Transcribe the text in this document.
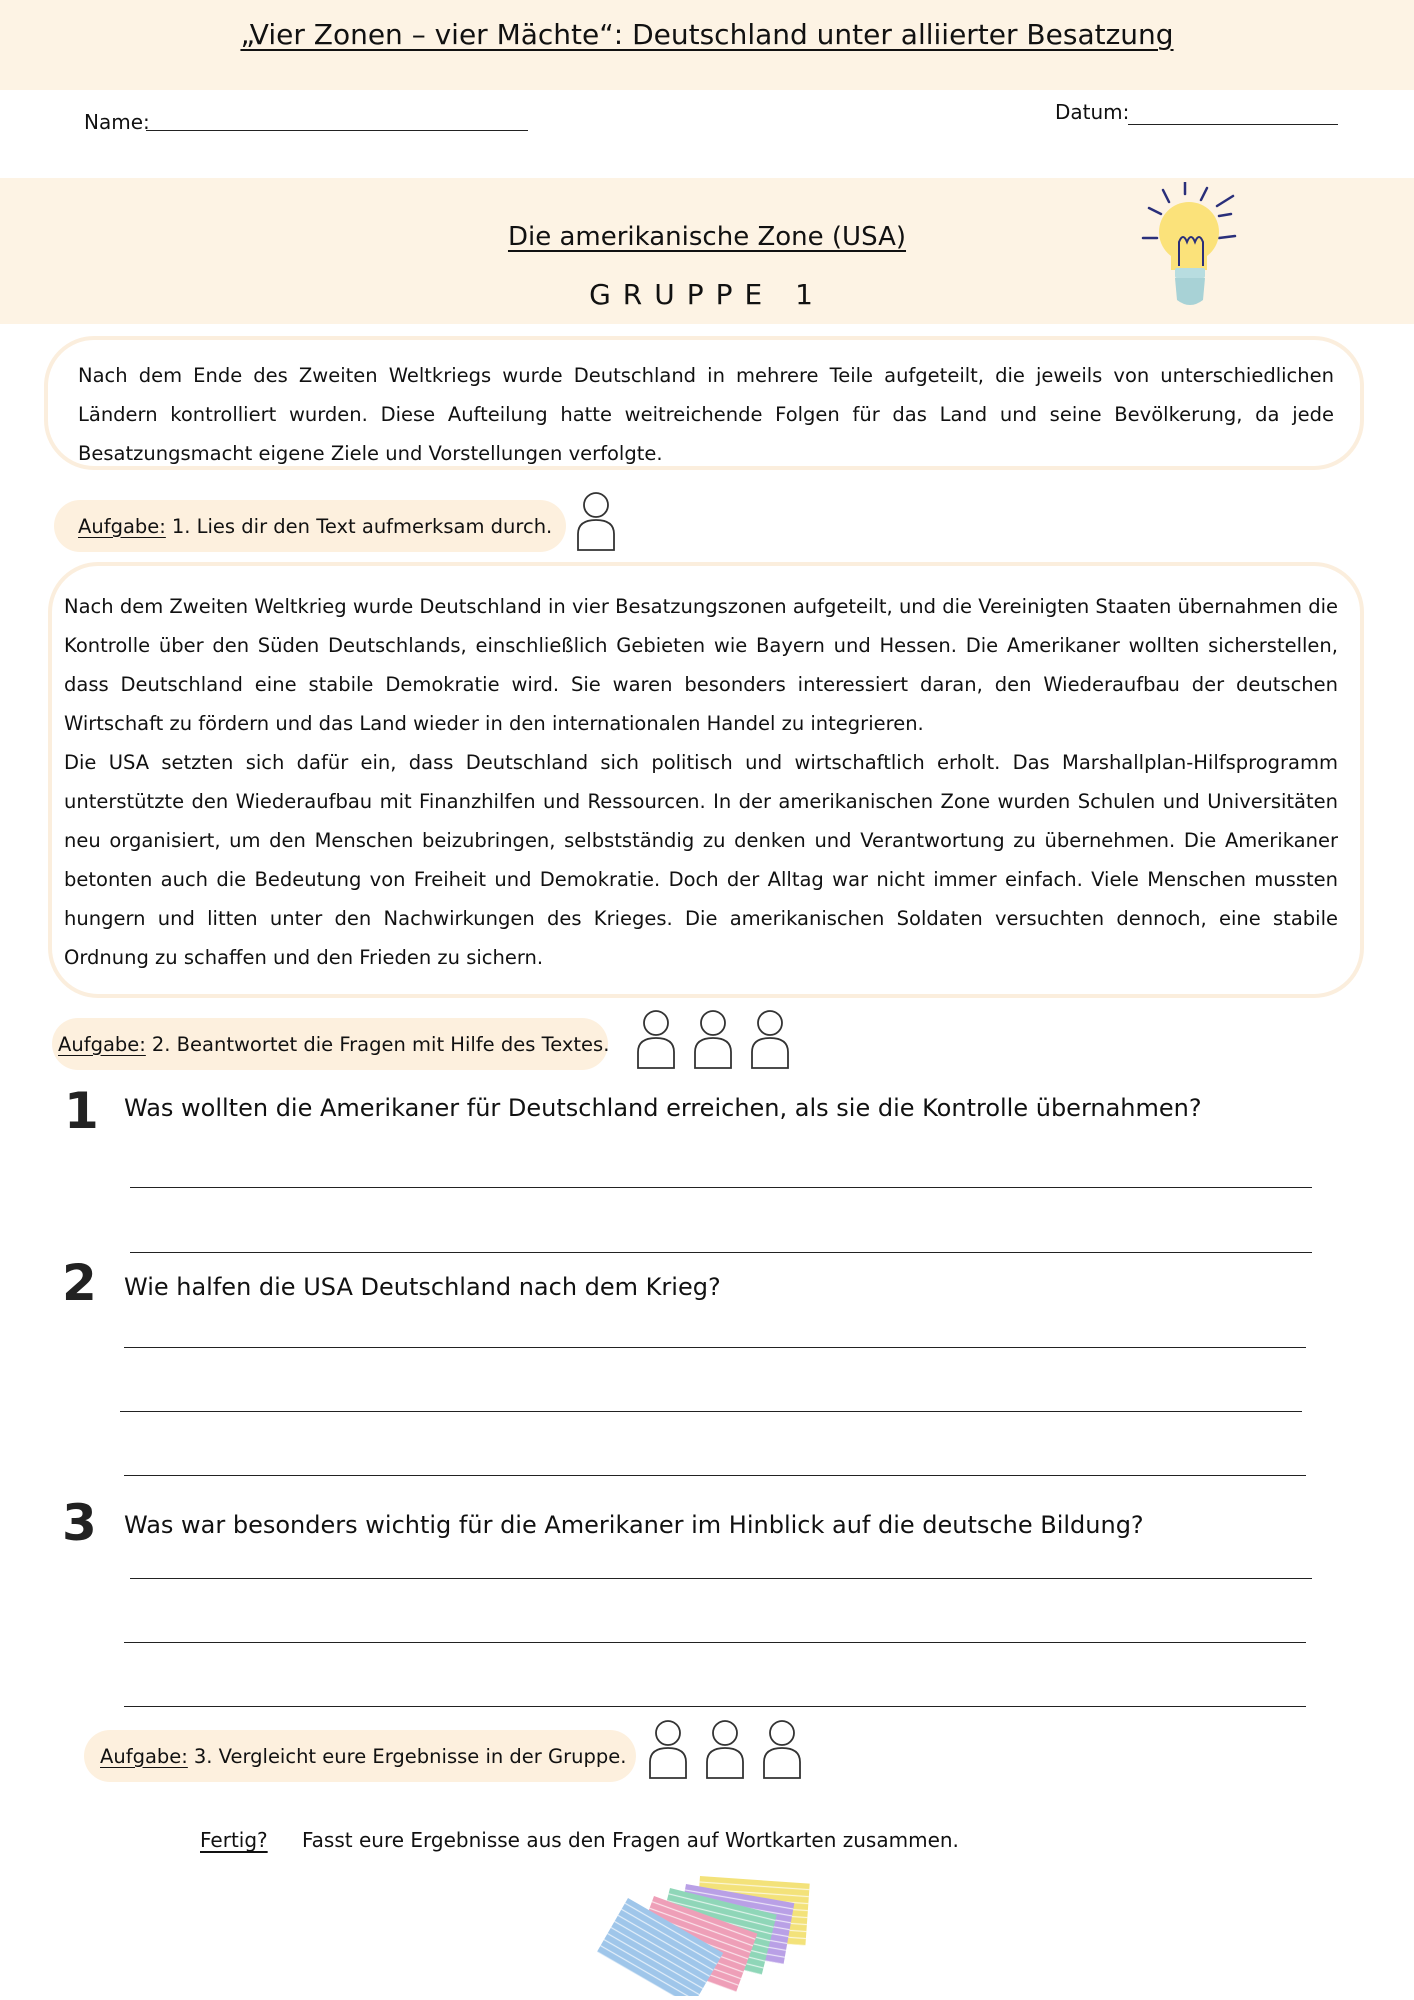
„Vier Zonen – vier Mächte“: Deutschland unter alliierter Besatzung
Name:	Datum:
Die amerikanische Zone (USA)
GRUPPE 1
Nach dem Ende des Zweiten Weltkriegs wurde Deutschland in mehrere Teile aufgeteilt, die jeweils von unterschiedlichen Ländern kontrolliert wurden. Diese Aufteilung hatte weitreichende Folgen für das Land und seine Bevölkerung, da jede Besatzungsmacht eigene Ziele und Vorstellungen verfolgte.
Aufgabe: 1. Lies dir den Text aufmerksam durch.
Nach dem Zweiten Weltkrieg wurde Deutschland in vier Besatzungszonen aufgeteilt, und die Vereinigten Staaten übernahmen die Kontrolle über den Süden Deutschlands, einschließlich Gebieten wie Bayern und Hessen. Die Amerikaner wollten sicherstellen, dass Deutschland eine stabile Demokratie wird. Sie waren besonders interessiert daran, den Wiederaufbau der deutschen Wirtschaft zu fördern und das Land wieder in den internationalen Handel zu integrieren.
Die USA setzten sich dafür ein, dass Deutschland sich politisch und wirtschaftlich erholt. Das Marshallplan-Hilfsprogramm unterstützte den Wiederaufbau mit Finanzhilfen und Ressourcen. In der amerikanischen Zone wurden Schulen und Universitäten neu organisiert, um den Menschen beizubringen, selbstständig zu denken und Verantwortung zu übernehmen. Die Amerikaner betonten auch die Bedeutung von Freiheit und Demokratie. Doch der Alltag war nicht immer einfach. Viele Menschen mussten hungern und litten unter den Nachwirkungen des Krieges. Die amerikanischen Soldaten versuchten dennoch, eine stabile Ordnung zu schaffen und den Frieden zu sichern.
Aufgabe: 2. Beantwortet die Fragen mit Hilfe des Textes.
1 Was wollten die Amerikaner für Deutschland erreichen, als sie die Kontrolle übernahmen?
2 Wie halfen die USA Deutschland nach dem Krieg?
3 Was war besonders wichtig für die Amerikaner im Hinblick auf die deutsche Bildung?
Aufgabe: 3. Vergleicht eure Ergebnisse in der Gruppe.
Fertig? Fasst eure Ergebnisse aus den Fragen auf Wortkarten zusammen.
